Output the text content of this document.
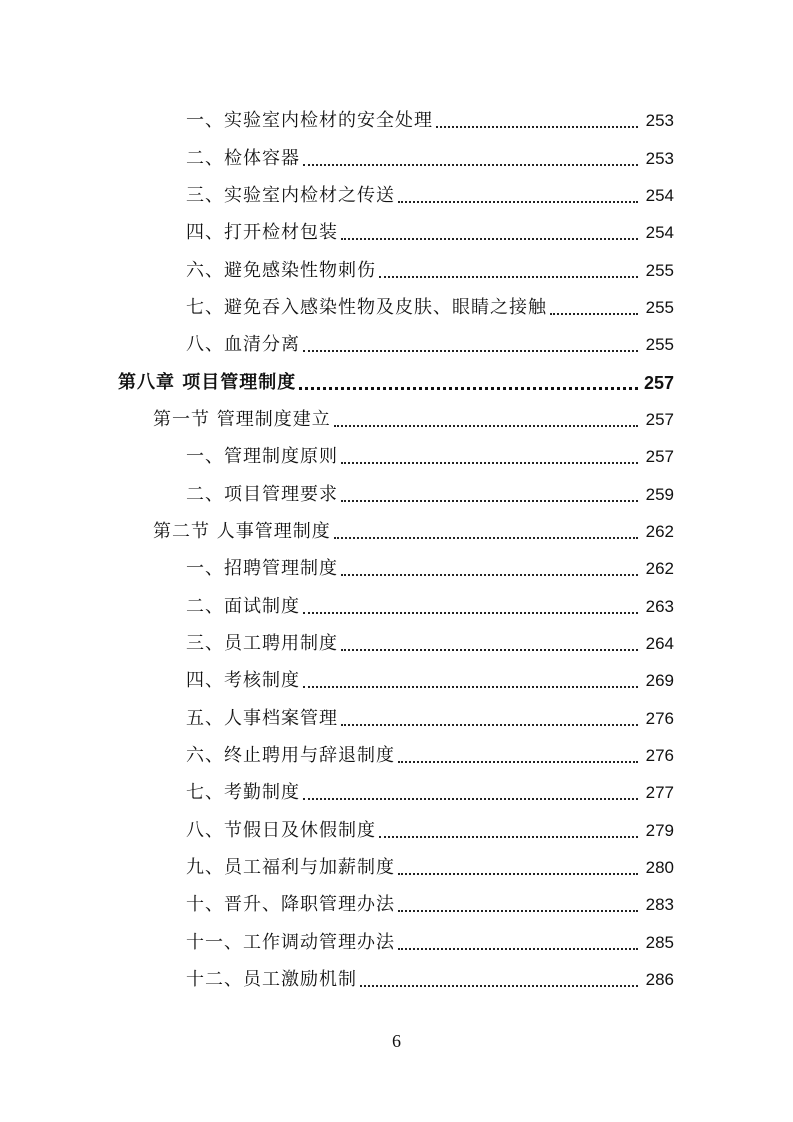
一、实验室内检材的安全处理	253
二、检体容器	253
三、实验室内检材之传送	254
四、打开检材包装	254
六、避免感染性物刺伤	255
七、避免吞入感染性物及皮肤、眼睛之接触	255
八、血清分离	255
第八章 项目管理制度	257
第一节 管理制度建立	257
一、管理制度原则	257
二、项目管理要求	259
第二节 人事管理制度	262
一、招聘管理制度	262
二、面试制度	263
三、员工聘用制度	264
四、考核制度	269
五、人事档案管理	276
六、终止聘用与辞退制度	276
七、考勤制度	277
八、节假日及休假制度	279
九、员工福利与加薪制度	280
十、晋升、降职管理办法	283
十一、工作调动管理办法	285
十二、员工激励机制	286
6
